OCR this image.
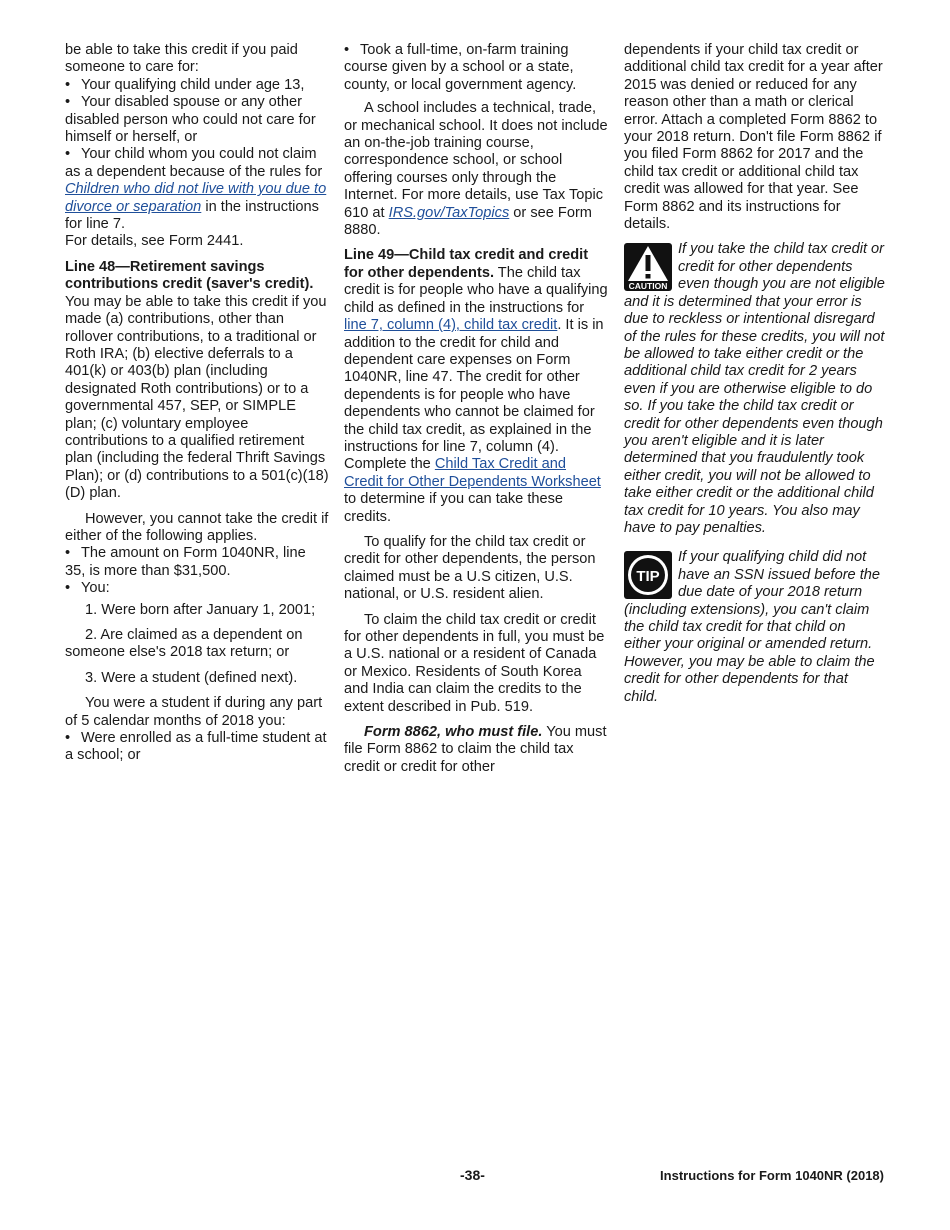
be able to take this credit if you paid someone to care for:

• Your qualifying child under age 13,
• Your disabled spouse or any other disabled person who could not care for himself or herself, or
• Your child whom you could not claim as a dependent because of the rules for Children who did not live with you due to divorce or separation in the instructions for line 7.

For details, see Form 2441.

Line 48—Retirement savings contributions credit (saver's credit). You may be able to take this credit if you made (a) contributions, other than rollover contributions, to a traditional or Roth IRA; (b) elective deferrals to a 401(k) or 403(b) plan (including designated Roth contributions) or to a governmental 457, SEP, or SIMPLE plan; (c) voluntary employee contributions to a qualified retirement plan (including the federal Thrift Savings Plan); or (d) contributions to a 501(c)(18)(D) plan.

However, you cannot take the credit if either of the following applies.

• The amount on Form 1040NR, line 35, is more than $31,500.
• You:

1. Were born after January 1, 2001;

2. Are claimed as a dependent on someone else's 2018 tax return; or

3. Were a student (defined next).

You were a student if during any part of 5 calendar months of 2018 you:

• Were enrolled as a full-time student at a school; or
• Took a full-time, on-farm training course given by a school or a state, county, or local government agency.

A school includes a technical, trade, or mechanical school. It does not include an on-the-job training course, correspondence school, or school offering courses only through the Internet. For more details, use Tax Topic 610 at IRS.gov/TaxTopics or see Form 8880.

Line 49—Child tax credit and credit for other dependents. The child tax credit is for people who have a qualifying child as defined in the instructions for line 7, column (4), child tax credit. It is in addition to the credit for child and dependent care expenses on Form 1040NR, line 47. The credit for other dependents is for people who have dependents who cannot be claimed for the child tax credit, as explained in the instructions for line 7, column (4). Complete the Child Tax Credit and Credit for Other Dependents Worksheet to determine if you can take these credits.

To qualify for the child tax credit or credit for other dependents, the person claimed must be a U.S citizen, U.S. national, or U.S. resident alien.

To claim the child tax credit or credit for other dependents in full, you must be a U.S. national or a resident of Canada or Mexico. Residents of South Korea and India can claim the credits to the extent described in Pub. 519.

Form 8862, who must file. You must file Form 8862 to claim the child tax credit or credit for other

dependents if your child tax credit or additional child tax credit for a year after 2015 was denied or reduced for any reason other than a math or clerical error. Attach a completed Form 8862 to your 2018 return. Don't file Form 8862 if you filed Form 8862 for 2017 and the child tax credit or additional child tax credit was allowed for that year. See Form 8862 and its instructions for details.

CAUTION
If you take the child tax credit or credit for other dependents even though you are not eligible and it is determined that your error is due to reckless or intentional disregard of the rules for these credits, you will not be allowed to take either credit or the additional child tax credit for 2 years even if you are otherwise eligible to do so. If you take the child tax credit or credit for other dependents even though you aren't eligible and it is later determined that you fraudulently took either credit, you will not be allowed to take either credit or the additional child tax credit for 10 years. You also may have to pay penalties.
TIP
If your qualifying child did not have an SSN issued before the due date of your 2018 return (including extensions), you can't claim the child tax credit for that child on either your original or amended return. However, you may be able to claim the credit for other dependents for that child.
-38-	Instructions for Form 1040NR (2018)
